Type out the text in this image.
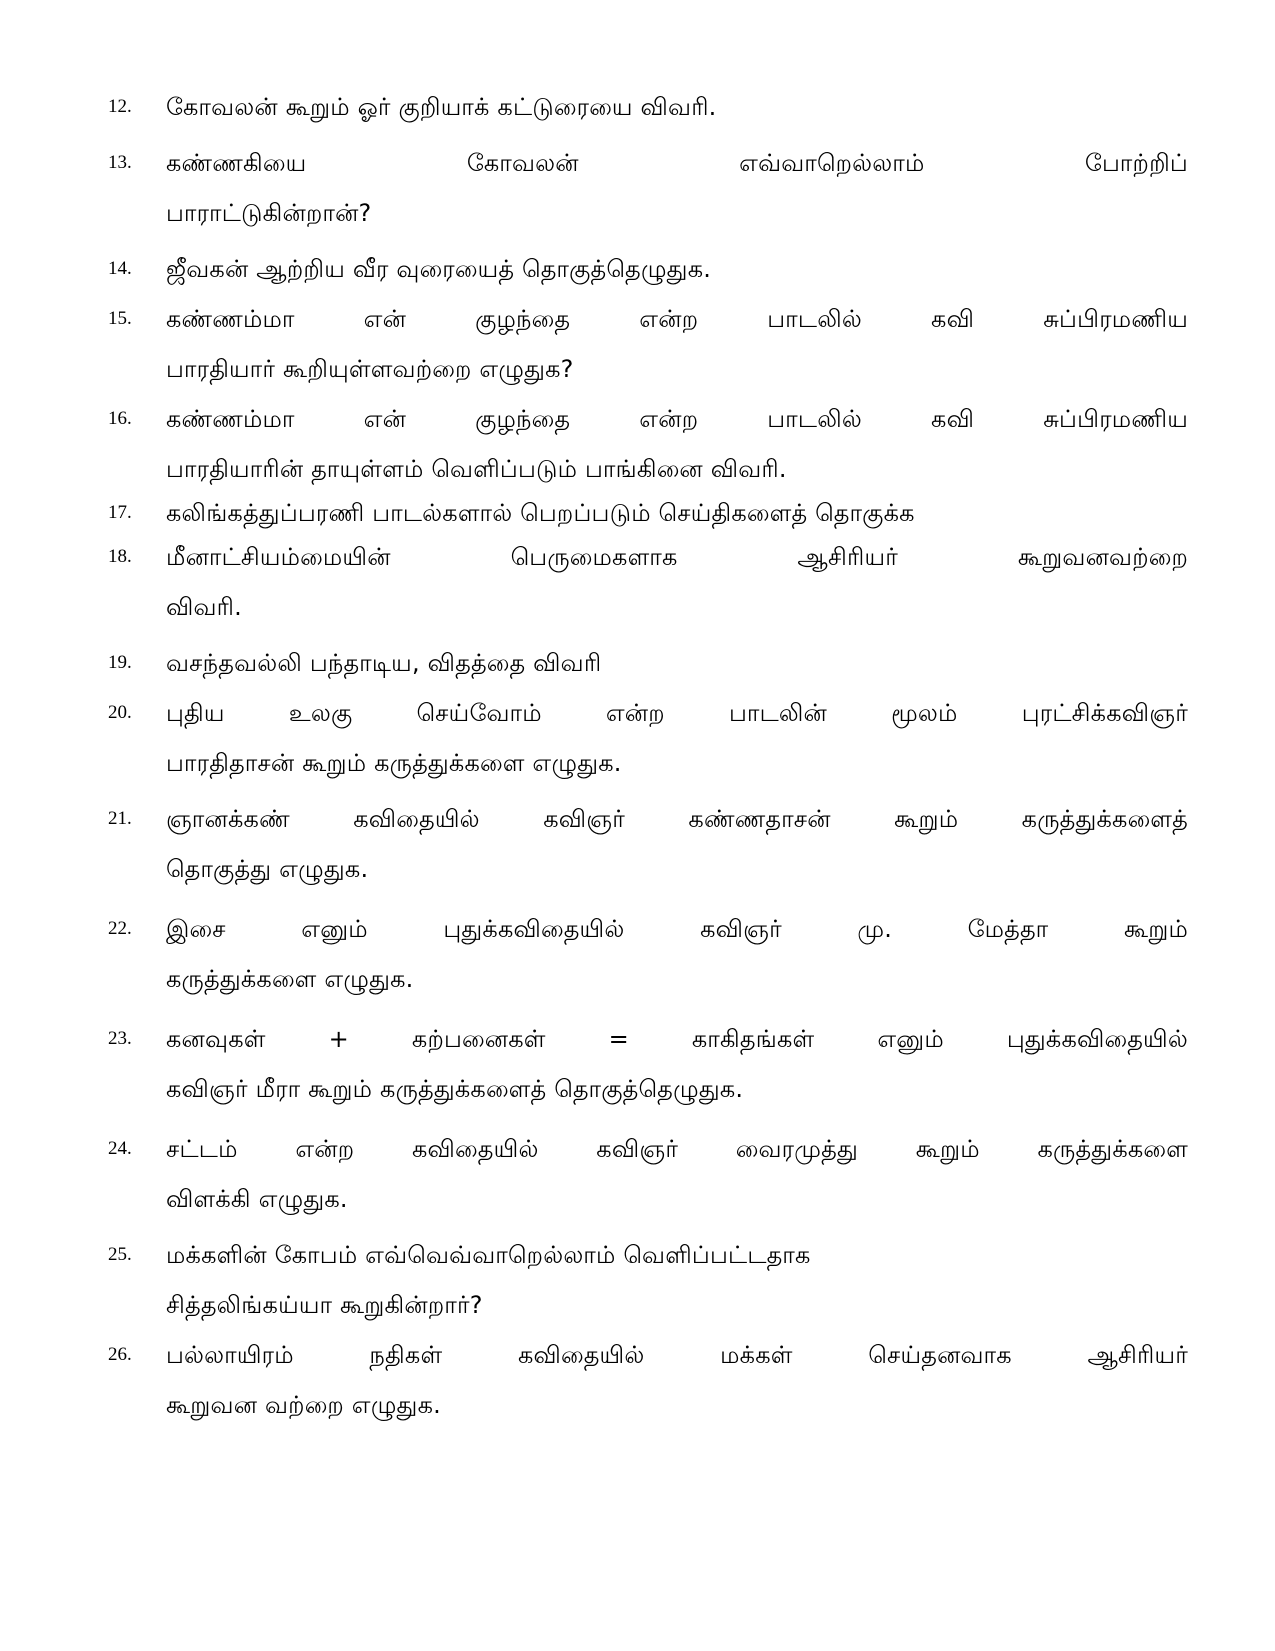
12.	கோவலன் கூறும் ஓர் குறியாக் கட்டுரையை விவரி.
13.	கண்ணகியை கோவலன் எவ்வாறெல்லாம் போற்றிப்
பாராட்டுகின்றான்?
14.	ஜீவகன் ஆற்றிய வீர வுரையைத் தொகுத்தெழுதுக.
15.	கண்ணம்மா என் குழந்தை என்ற பாடலில் கவி சுப்பிரமணிய
பாரதியார் கூறியுள்ளவற்றை எழுதுக?
16.	கண்ணம்மா என் குழந்தை என்ற பாடலில் கவி சுப்பிரமணிய
பாரதியாரின் தாயுள்ளம் வெளிப்படும் பாங்கினை விவரி.
17.	கலிங்கத்துப்பரணி பாடல்களால் பெறப்படும் செய்திகளைத் தொகுக்க
18.	மீனாட்சியம்மையின் பெருமைகளாக ஆசிரியர் கூறுவனவற்றை
விவரி.
19.	வசந்தவல்லி பந்தாடிய, விதத்தை விவரி
20.	புதிய உலகு செய்வோம் என்ற பாடலின் மூலம் புரட்சிக்கவிஞர்
பாரதிதாசன் கூறும் கருத்துக்களை எழுதுக.
21.	ஞானக்கண் கவிதையில் கவிஞர் கண்ணதாசன் கூறும் கருத்துக்களைத்
தொகுத்து எழுதுக.
22.	இசை எனும் புதுக்கவிதையில் கவிஞர் மு. மேத்தா கூறும்
கருத்துக்களை எழுதுக.
23.	கனவுகள் + கற்பனைகள் = காகிதங்கள் எனும் புதுக்கவிதையில்
கவிஞர் மீரா கூறும் கருத்துக்களைத் தொகுத்தெழுதுக.
24.	சட்டம் என்ற கவிதையில் கவிஞர் வைரமுத்து கூறும் கருத்துக்களை
விளக்கி எழுதுக.
25.	மக்களின் கோபம் எவ்வெவ்வாறெல்லாம் வெளிப்பட்டதாக
சித்தலிங்கய்யா கூறுகின்றார்?
26.	பல்லாயிரம் நதிகள் கவிதையில் மக்கள் செய்தனவாக ஆசிரியர்
கூறுவன வற்றை எழுதுக.
